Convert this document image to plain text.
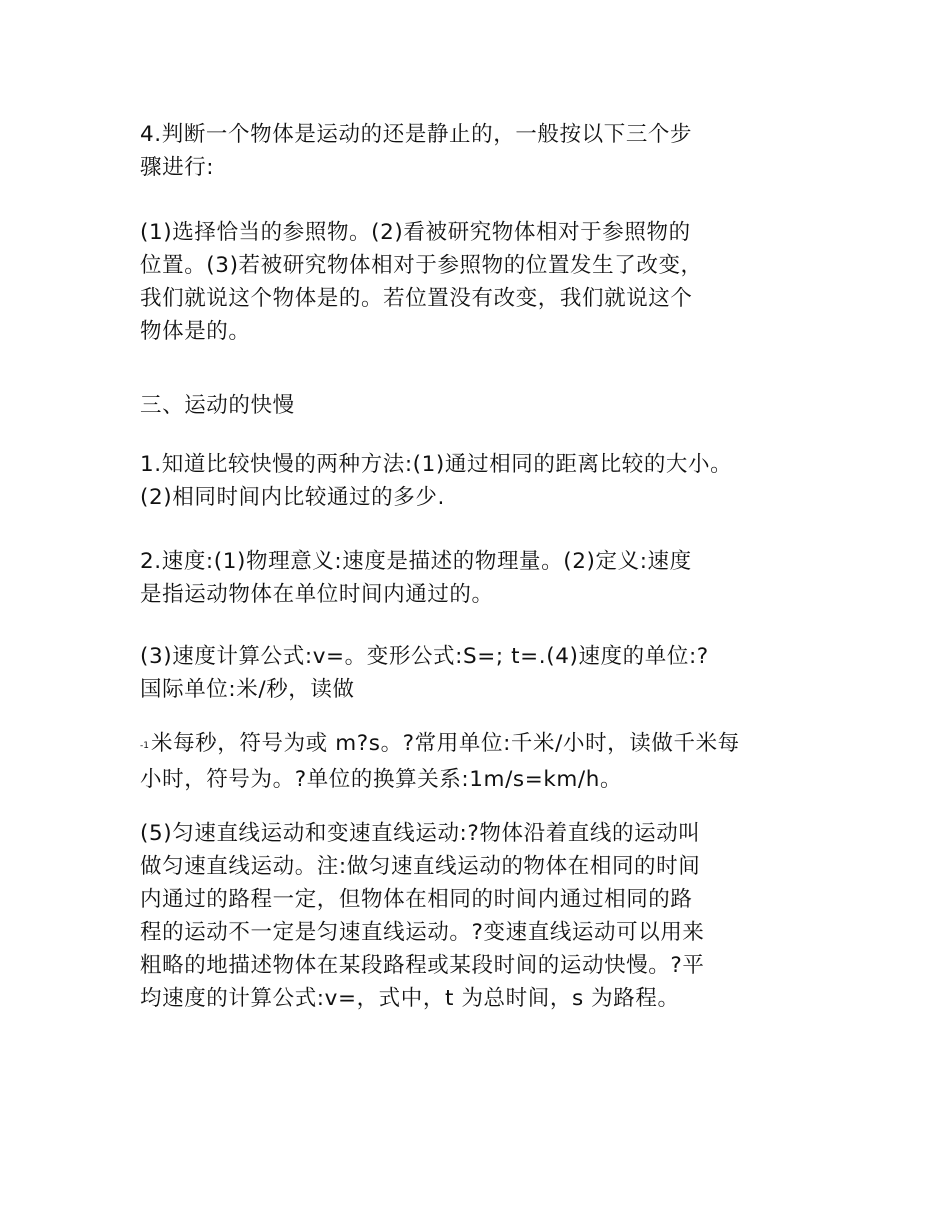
4.判断一个物体是运动的还是静止的，一般按以下三个步
骤进行:

(1)选择恰当的参照物。(2)看被研究物体相对于参照物的
位置。(3)若被研究物体相对于参照物的位置发生了改变，
我们就说这个物体是的。若位置没有改变，我们就说这个
物体是的。

三、运动的快慢

1.知道比较快慢的两种方法:(1)通过相同的距离比较的大小。
(2)相同时间内比较通过的多少.

2.速度:(1)物理意义:速度是描述的物理量。(2)定义:速度
是指运动物体在单位时间内通过的。

(3)速度计算公式:v=。变形公式:S=; t=.(4)速度的单位:?
国际单位:米/秒，读做

-1米每秒，符号为或 m?s。?常用单位:千米/小时，读做千米每
小时，符号为。?单位的换算关系:1m/s=km/h。

(5)匀速直线运动和变速直线运动:?物体沿着直线的运动叫
做匀速直线运动。注:做匀速直线运动的物体在相同的时间
内通过的路程一定，但物体在相同的时间内通过相同的路
程的运动不一定是匀速直线运动。?变速直线运动可以用来
粗略的地描述物体在某段路程或某段时间的运动快慢。?平
均速度的计算公式:v=，式中，t 为总时间，s 为路程。
